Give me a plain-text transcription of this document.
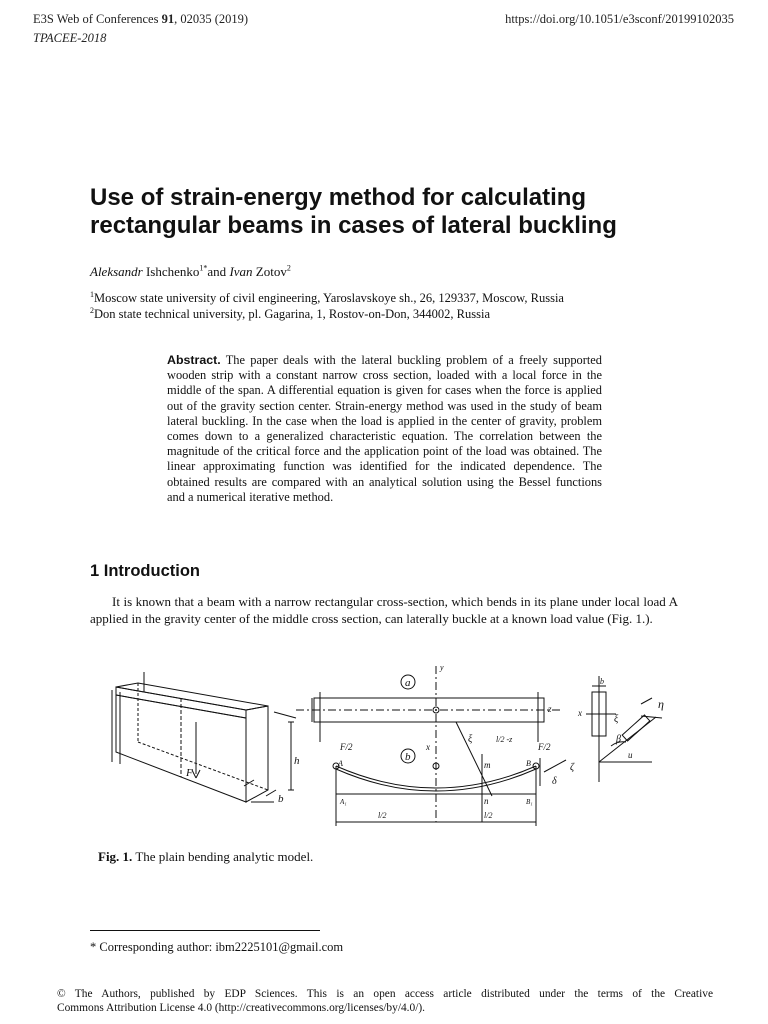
E3S Web of Conferences 91, 02035 (2019)
TPACEE-2018
https://doi.org/10.1051/e3sconf/20199102035
Use of strain-energy method for calculating
rectangular beams in cases of lateral buckling
Aleksandr Ishchenko$^{1*}$and Ivan Zotov$^2$
$^1$Moscow state university of civil engineering, Yaroslavskoye sh., 26, 129337, Moscow, Russia
$^2$Don state technical university, pl. Gagarina, 1, Rostov-on-Don, 344002, Russia
Abstract. The paper deals with the lateral buckling problem of a freely supported wooden strip with a constant narrow cross section, loaded with a local force in the middle of the span. A differential equation is given for cases when the force is applied out of the gravity section center. Strain-energy method was used in the study of beam lateral buckling. In the case when the load is applied in the center of gravity, problem comes down to a generalized characteristic equation. The correlation between the magnitude of the critical force and the application point of the load was obtained. The linear approximating function was identified for the indicated dependence. The obtained results are compared with an analytical solution using the Bessel functions and a numerical iterative method.
1 Introduction
It is known that a beam with a narrow rectangular cross-section, which bends in its plane under local load A applied in the gravity center of the middle cross section, can laterally buckle at a known load value (Fig. 1.).
F
h
b
a
b
y
z
x
F/2	F/2
A	B
A₁	B₁
m
n
ξ	l/2 -z
l/2	l/2
δ
ζ
b
x
ξ
η
β
u
Fig. 1. The plain bending analytic model.
* Corresponding author: ibm2225101@gmail.com
© The Authors, published by EDP Sciences. This is an open access article distributed under the terms of the Creative
Commons Attribution License 4.0 (http://creativecommons.org/licenses/by/4.0/).
